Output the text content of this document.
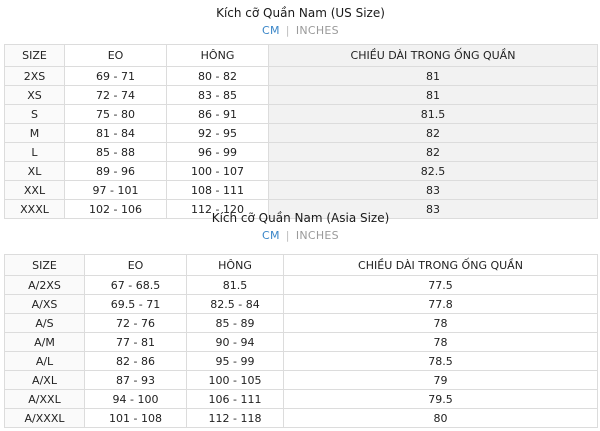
Kích cỡ Quần Nam (US Size)
CM | INCHES
SIZE	EO	HÔNG	CHIỀU DÀI TRONG ỐNG QUẦN
2XS	69 - 71	80 - 82	81
XS	72 - 74	83 - 85	81
S	75 - 80	86 - 91	81.5
M	81 - 84	92 - 95	82
L	85 - 88	96 - 99	82
XL	89 - 96	100 - 107	82.5
XXL	97 - 101	108 - 111	83
XXXL	102 - 106	112 - 120	83
Kích cỡ Quần Nam (Asia Size)
CM | INCHES
SIZE	EO	HÔNG	CHIỀU DÀI TRONG ỐNG QUẦN
A/2XS	67 - 68.5	81.5	77.5
A/XS	69.5 - 71	82.5 - 84	77.8
A/S	72 - 76	85 - 89	78
A/M	77 - 81	90 - 94	78
A/L	82 - 86	95 - 99	78.5
A/XL	87 - 93	100 - 105	79
A/XXL	94 - 100	106 - 111	79.5
A/XXXL	101 - 108	112 - 118	80
